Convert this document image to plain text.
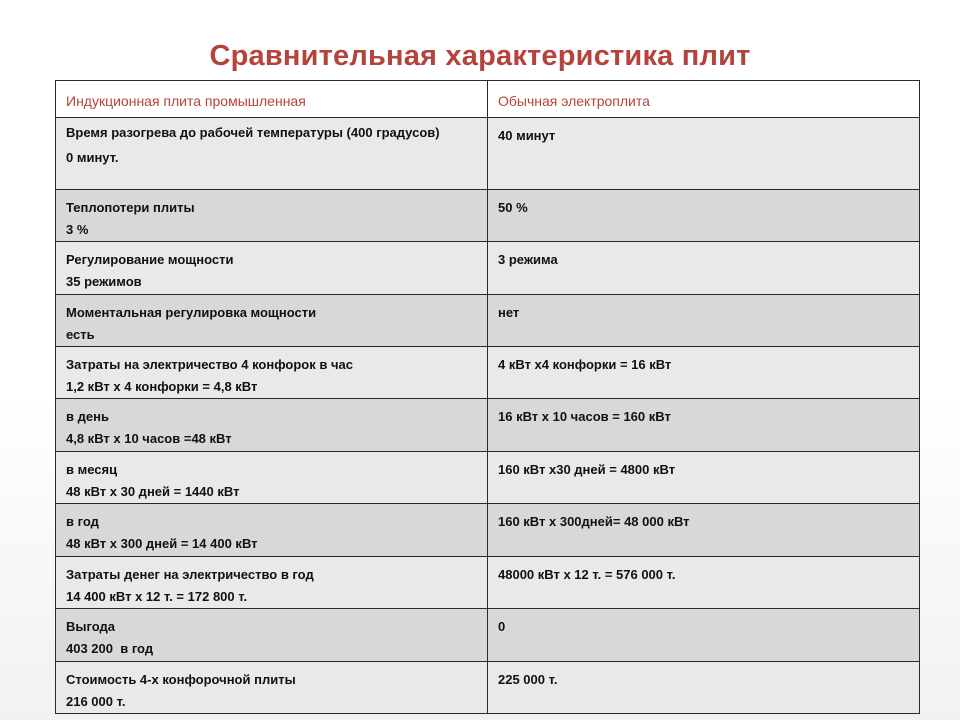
Сравнительная характеристика плит
Индукционная плита промышленная	Обычная электроплита

Время разогрева до рабочей температуры (400 градусов)
0 минут.	40 минут

Теплопотери плиты
3 %	50 %

Регулирование мощности
35 режимов	3 режима

Моментальная регулировка мощности
есть	нет

Затраты на электричество 4 конфорок в час
1,2 кВт х 4 конфорки = 4,8 кВт	4 кВт х4 конфорки = 16 кВт

в день
4,8 кВт х 10 часов =48 кВт	16 кВт х 10 часов = 160 кВт

в месяц
48 кВт х 30 дней = 1440 кВт	160 кВт х30 дней = 4800 кВт

в год
48 кВт х 300 дней = 14 400 кВт	160 кВт х 300дней= 48 000 кВт

Затраты денег на электричество в год
14 400 кВт х 12 т. = 172 800 т.	48000 кВт х 12 т. = 576 000 т.

Выгода
403 200  в год	0

Стоимость 4-х конфорочной плиты
216 000 т.	225 000 т.
